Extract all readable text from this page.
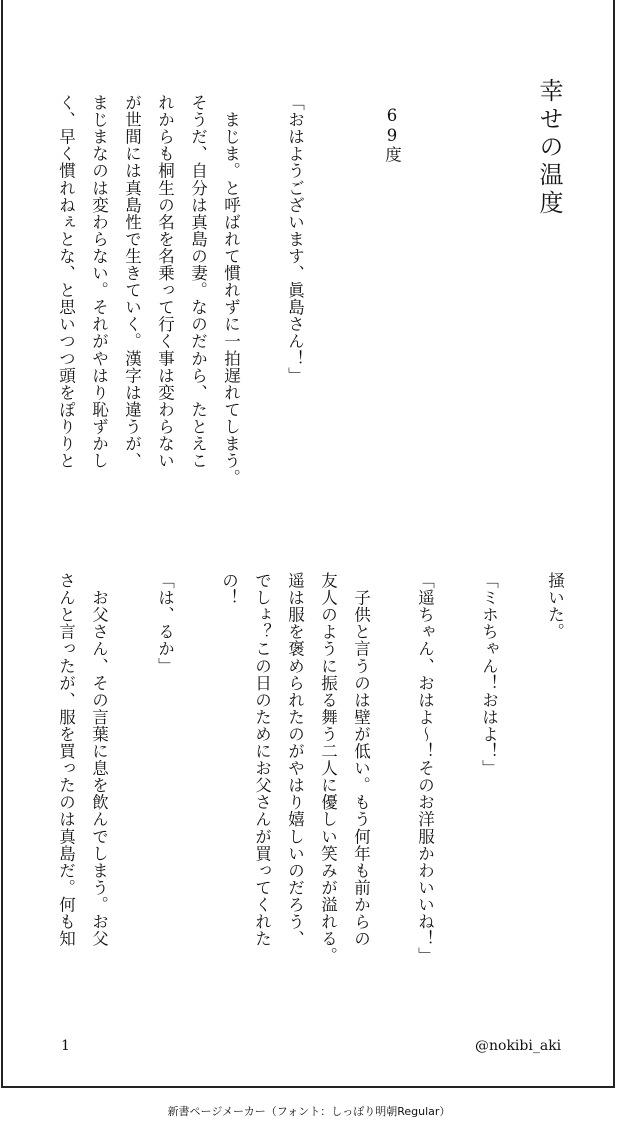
幸せの温度
69度
「おはようございます、眞島さん！」
　まじま。と呼ばれて慣れずに一拍遅れてしまう。
そうだ、自分は真島の妻。なのだから、たとえこ
れからも桐生の名を名乗って行く事は変わらない
が世間には真島性で生きていく。漢字は違うが、
まじまなのは変わらない。それがやはり恥ずかし
く、早く慣れねぇとな、と思いつつ頭をぽりりと
掻いた。
「ミホちゃん！おはよ！」
「遥ちゃん、おはよ〜！そのお洋服かわいいね！」
　子供と言うのは壁が低い。もう何年も前からの
友人のように振る舞う二人に優しい笑みが溢れる。
遥は服を褒められたのがやはり嬉しいのだろう、
でしょ？この日のためにお父さんが買ってくれた
の！
「は、るか」
　お父さん、その言葉に息を飲んでしまう。お父
さんと言ったが、服を買ったのは真島だ。何も知
1	@nokibi_aki
新書ページメーカー（フォント：しっぽり明朝Regular）
